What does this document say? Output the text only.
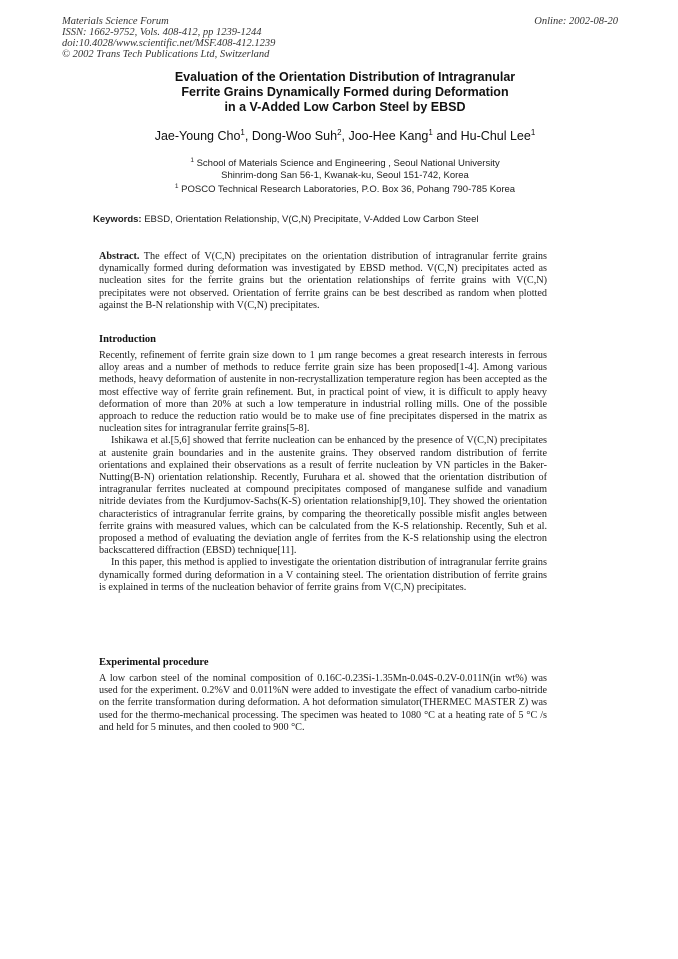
Materials Science Forum
ISSN: 1662-9752, Vols. 408-412, pp 1239-1244
doi:10.4028/www.scientific.net/MSF.408-412.1239
© 2002 Trans Tech Publications Ltd, Switzerland
Online: 2002-08-20
Evaluation of the Orientation Distribution of Intragranular
Ferrite Grains Dynamically Formed during Deformation
in a V-Added Low Carbon Steel by EBSD
Jae-Young Cho$^1$, Dong-Woo Suh$^2$, Joo-Hee Kang$^1$ and Hu-Chul Lee$^1$
$^1$ School of Materials Science and Engineering , Seoul National University
Shinrim-dong San 56-1, Kwanak-ku, Seoul 151-742, Korea
$^1$ POSCO Technical Research Laboratories, P.O. Box 36, Pohang 790-785 Korea
Keywords: EBSD, Orientation Relationship, V(C,N) Precipitate, V-Added Low Carbon Steel
Abstract. The effect of V(C,N) precipitates on the orientation distribution of intragranular ferrite grains dynamically formed during deformation was investigated by EBSD method. V(C,N) precipitates acted as nucleation sites for the ferrite grains but the orientation relationships of ferrite grains with V(C,N) precipitates were not observed. Orientation of ferrite grains can be best described as random when plotted against the B-N relationship with V(C,N) precipitates.
Introduction

Recently, refinement of ferrite grain size down to 1 μm range becomes a great research interests in ferrous alloy areas and a number of methods to reduce ferrite grain size has been proposed[1-4]. Among various methods, heavy deformation of austenite in non-recrystallization temperature region has been accepted as the most effective way of ferrite grain refinement. But, in practical point of view, it is difficult to apply heavy deformation of more than 20% at such a low temperature in industrial rolling mills. One of the possible approach to reduce the reduction ratio would be to make use of fine precipitates dispersed in the matrix as nucleation sites for intragranular ferrite grains[5-8].

Ishikawa et al.[5,6] showed that ferrite nucleation can be enhanced by the presence of V(C,N) precipitates at austenite grain boundaries and in the austenite grains. They observed random distribution of ferrite orientations and explained their observations as a result of ferrite nucleation by VN particles in the Baker-Nutting(B-N) orientation relationship. Recently, Furuhara et al. showed that the orientation distribution of intragranular ferrites nucleated at compound precipitates composed of manganese sulfide and vanadium nitride deviates from the Kurdjumov-Sachs(K-S) orientation relationship[9,10]. They showed the orientation characteristics of intragranular ferrite grains, by comparing the theoretically possible misfit angles between ferrite grains with measured values, which can be calculated from the K-S relationship. Recently, Suh et al. proposed a method of evaluating the deviation angle of ferrites from the K-S relationship using the electron backscattered diffraction (EBSD) technique[11].

In this paper, this method is applied to investigate the orientation distribution of intragranular ferrite grains dynamically formed during deformation in a V containing steel. The orientation distribution of ferrite grains is explained in terms of the nucleation behavior of ferrite grains from V(C,N) precipitates.

Experimental procedure

A low carbon steel of the nominal composition of 0.16C-0.23Si-1.35Mn-0.04S-0.2V-0.011N(in wt%) was used for the experiment. 0.2%V and 0.011%N were added to investigate the effect of vanadium carbo-nitride on the ferrite transformation during deformation. A hot deformation simulator(THERMEC MASTER Z) was used for the thermo-mechanical processing. The specimen was heated to 1080 °C at a heating rate of 5 °C /s and held for 5 minutes, and then cooled to 900 °C.
